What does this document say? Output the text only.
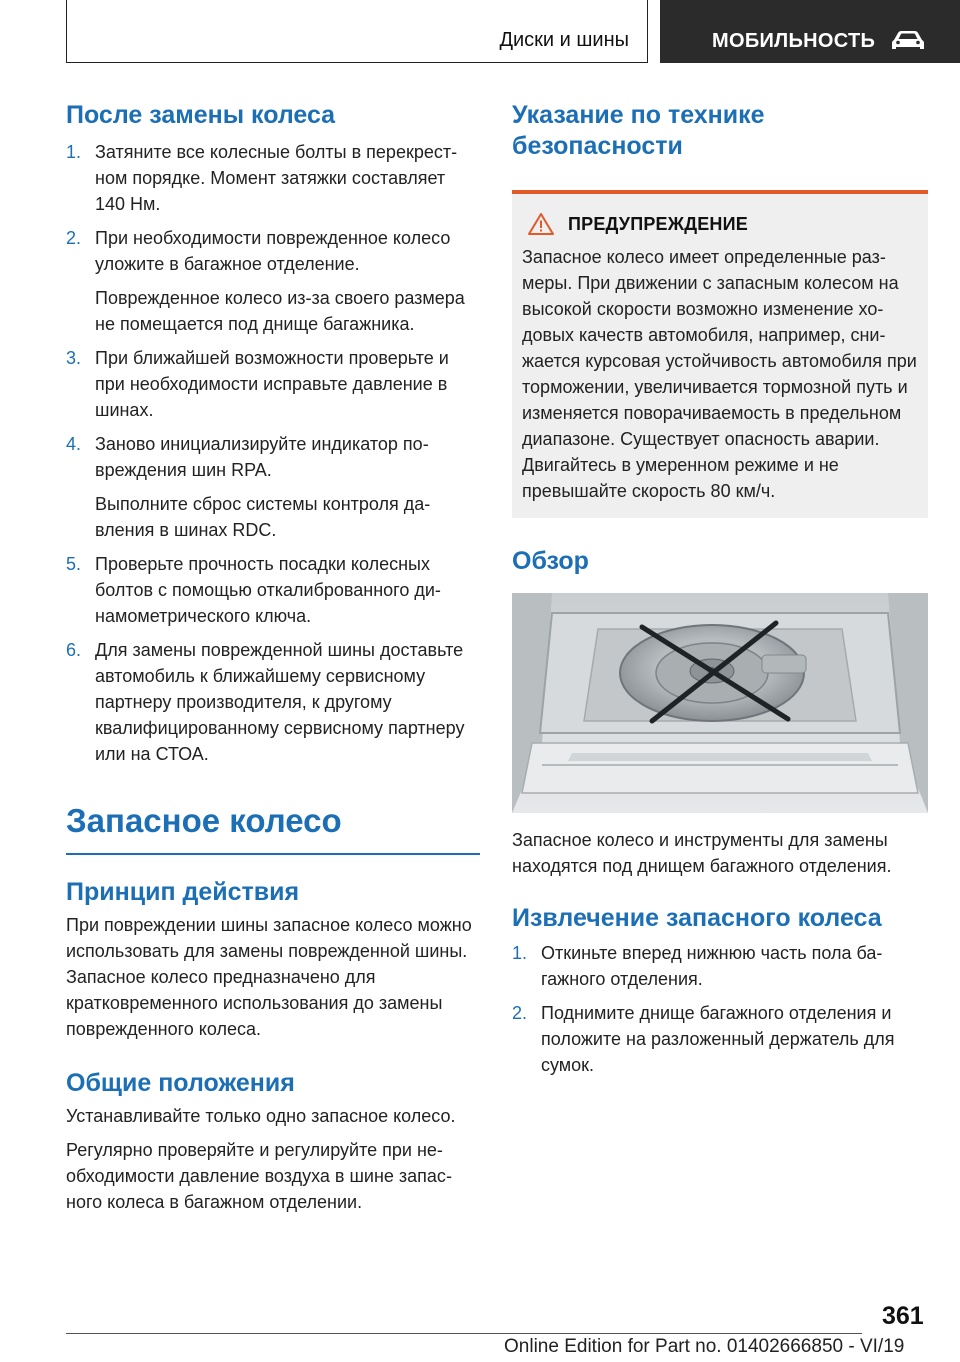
Диски и шины	МОБИЛЬНОСТЬ
После замены колеса
1. Затяните все колесные болты в перекрестном порядке. Момент затяжки составляет 140 Нм.
2. При необходимости поврежденное колесо уложите в багажное отделение.
Поврежденное колесо из-за своего размера не помещается под днище багажника.
3. При ближайшей возможности проверьте и при необходимости исправьте давление в шинах.
4. Заново инициализируйте индикатор повреждения шин RPA.
Выполните сброс системы контроля давления в шинах RDC.
5. Проверьте прочность посадки колесных болтов с помощью откалиброванного динамометрического ключа.
6. Для замены поврежденной шины доставьте автомобиль к ближайшему сервисному партнеру производителя, к другому квалифицированному сервисному партнеру или на СТОА.
Запасное колесо
Принцип действия

При повреждении шины запасное колесо можно использовать для замены поврежденной шины. Запасное колесо предназначено для кратковременного использования до замены поврежденного колеса.

Общие положения

Устанавливайте только одно запасное колесо.

Регулярно проверяйте и регулируйте при необходимости давление воздуха в шине запасного колеса в багажном отделении.

Указание по технике безопасности
ПРЕДУПРЕЖДЕНИЕ

Запасное колесо имеет определенные размеры. При движении с запасным колесом на высокой скорости возможно изменение ходовых качеств автомобиля, например, снижается курсовая устойчивость автомобиля при торможении, увеличивается тормозной путь и изменяется поворачиваемость в предельном диапазоне. Существует опасность аварии. Двигайтесь в умеренном режиме и не превышайте скорость 80 км/ч.

Обзор

Запасное колесо и инструменты для замены находятся под днищем багажного отделения.

Извлечение запасного колеса
1. Откиньте вперед нижнюю часть пола багажного отделения.
2. Поднимите днище багажного отделения и положите на разложенный держатель для сумок.
361
Online Edition for Part no. 01402666850 - VI/19
